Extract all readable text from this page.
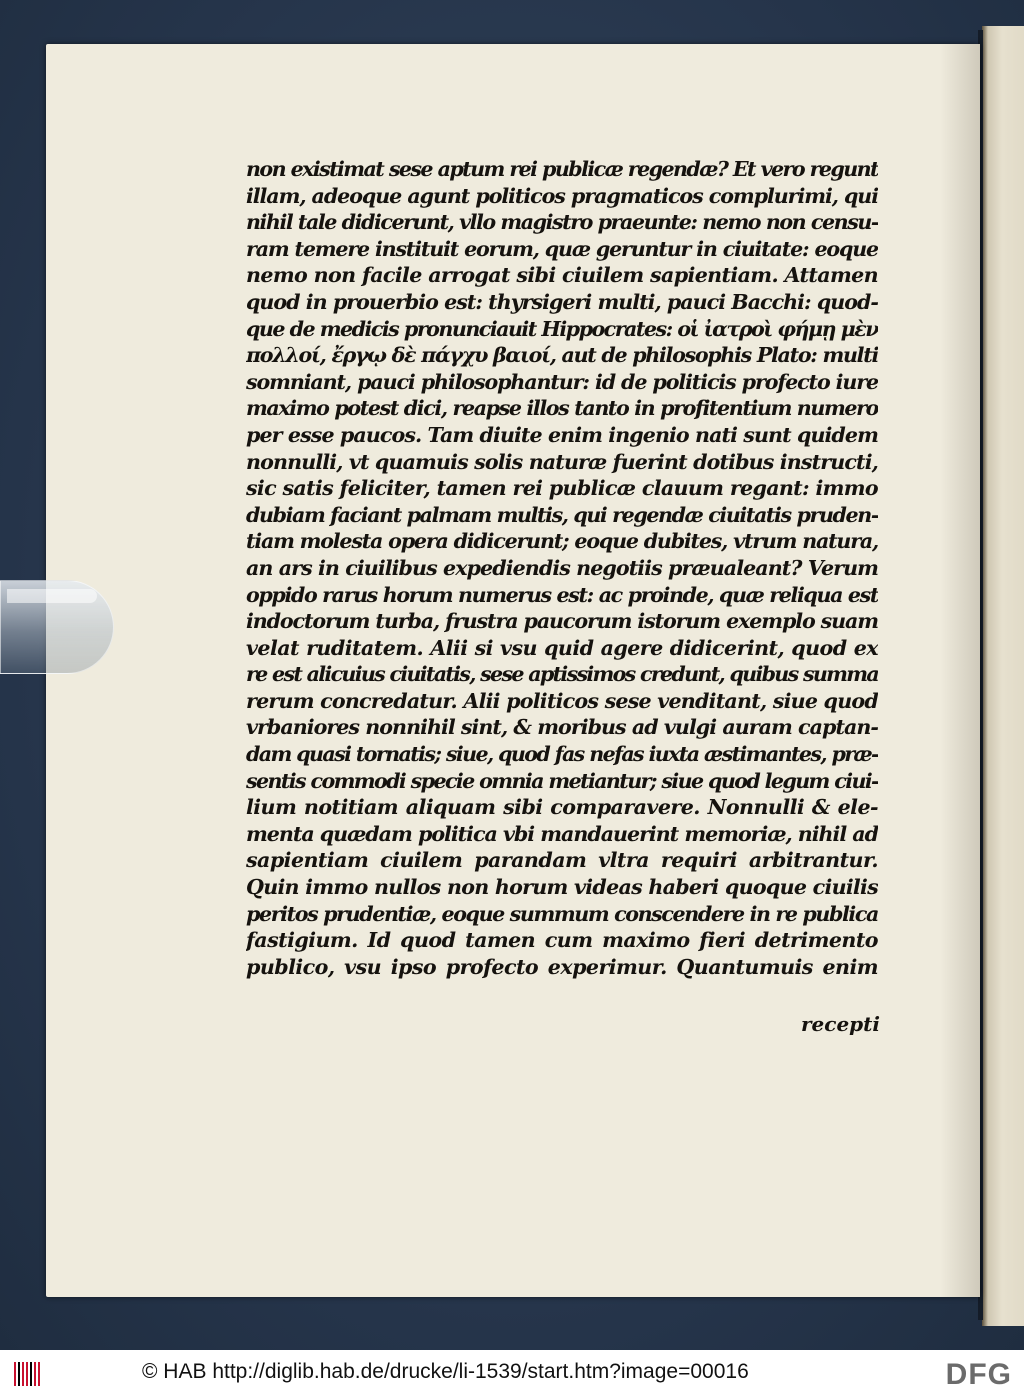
non existimat sese aptum rei publicæ regendæ? Et vero regunt
illam, adeoque agunt politicos pragmaticos complurimi, qui
nihil tale didicerunt, vllo magistro praeunte: nemo non censu-
ram temere instituit eorum, quæ geruntur in ciuitate: eoque
nemo non facile arrogat sibi ciuilem sapientiam. Attamen
quod in prouerbio est: thyrsigeri multi, pauci Bacchi: quod-
que de medicis pronunciauit Hippocrates: οἱ ἰατροὶ φήμῃ μὲν
πολλοί, ἔργῳ δὲ πάγχυ βαιοί, aut de philosophis Plato: multi
somniant, pauci philosophantur: id de politicis profecto iure
maximo potest dici, reapse illos tanto in profitentium numero
per esse paucos. Tam diuite enim ingenio nati sunt quidem
nonnulli, vt quamuis solis naturæ fuerint dotibus instructi,
sic satis feliciter, tamen rei publicæ clauum regant: immo
dubiam faciant palmam multis, qui regendæ ciuitatis pruden-
tiam molesta opera didicerunt; eoque dubites, vtrum natura,
an ars in ciuilibus expediendis negotiis præualeant? Verum
oppido rarus horum numerus est: ac proinde, quæ reliqua est
indoctorum turba, frustra paucorum istorum exemplo suam
velat ruditatem. Alii si vsu quid agere didicerint, quod ex
re est alicuius ciuitatis, sese aptissimos credunt, quibus summa
rerum concredatur. Alii politicos sese venditant, siue quod
vrbaniores nonnihil sint, & moribus ad vulgi auram captan-
dam quasi tornatis; siue, quod fas nefas iuxta æstimantes, præ-
sentis commodi specie omnia metiantur; siue quod legum ciui-
lium notitiam aliquam sibi comparavere. Nonnulli & ele-
menta quædam politica vbi mandauerint memoriæ, nihil ad
sapientiam ciuilem parandam vltra requiri arbitrantur.
Quin immo nullos non horum videas haberi quoque ciuilis
peritos prudentiæ, eoque summum conscendere in re publica
fastigium. Id quod tamen cum maximo fieri detrimento
publico, vsu ipso profecto experimur. Quantumuis enim
recepti
© HAB http://diglib.hab.de/drucke/li-1539/start.htm?image=00016	DFG
